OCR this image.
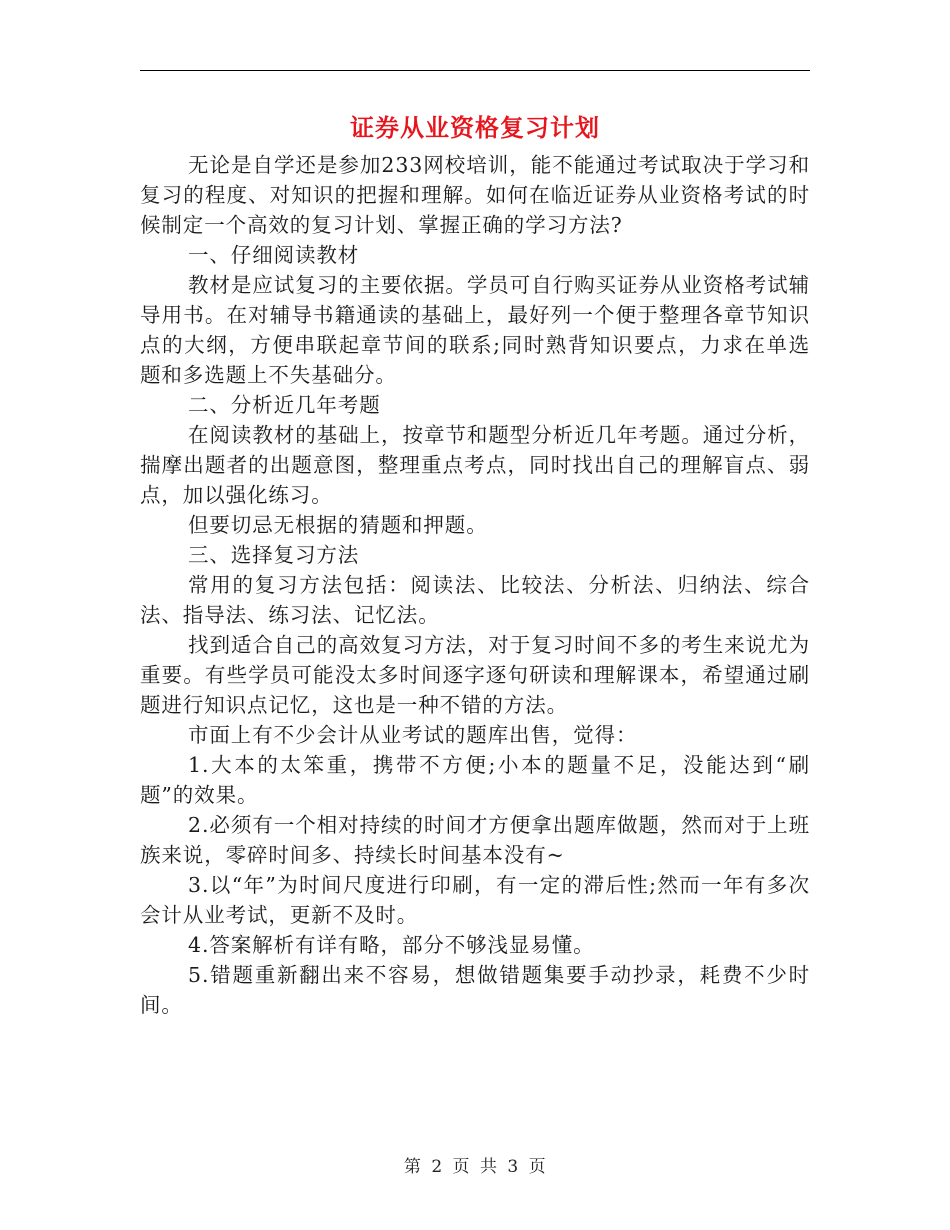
证券从业资格复习计划

无论是自学还是参加233网校培训，能不能通过考试取决于学习和复习的程度、对知识的把握和理解。如何在临近证券从业资格考试的时候制定一个高效的复习计划、掌握正确的学习方法?

一、仔细阅读教材

教材是应试复习的主要依据。学员可自行购买证券从业资格考试辅导用书。在对辅导书籍通读的基础上，最好列一个便于整理各章节知识点的大纲，方便串联起章节间的联系;同时熟背知识要点，力求在单选题和多选题上不失基础分。

二、分析近几年考题

在阅读教材的基础上，按章节和题型分析近几年考题。通过分析，揣摩出题者的出题意图，整理重点考点，同时找出自己的理解盲点、弱点，加以强化练习。

但要切忌无根据的猜题和押题。

三、选择复习方法

常用的复习方法包括：阅读法、比较法、分析法、归纳法、综合法、指导法、练习法、记忆法。

找到适合自己的高效复习方法，对于复习时间不多的考生来说尤为重要。有些学员可能没太多时间逐字逐句研读和理解课本，希望通过刷题进行知识点记忆，这也是一种不错的方法。

市面上有不少会计从业考试的题库出售，觉得：

1.大本的太笨重，携带不方便;小本的题量不足，没能达到“刷题”的效果。

2.必须有一个相对持续的时间才方便拿出题库做题，然而对于上班族来说，零碎时间多、持续长时间基本没有~

3.以“年”为时间尺度进行印刷，有一定的滞后性;然而一年有多次会计从业考试，更新不及时。

4.答案解析有详有略，部分不够浅显易懂。

5.错题重新翻出来不容易，想做错题集要手动抄录，耗费不少时间。

第 2 页 共 3 页
